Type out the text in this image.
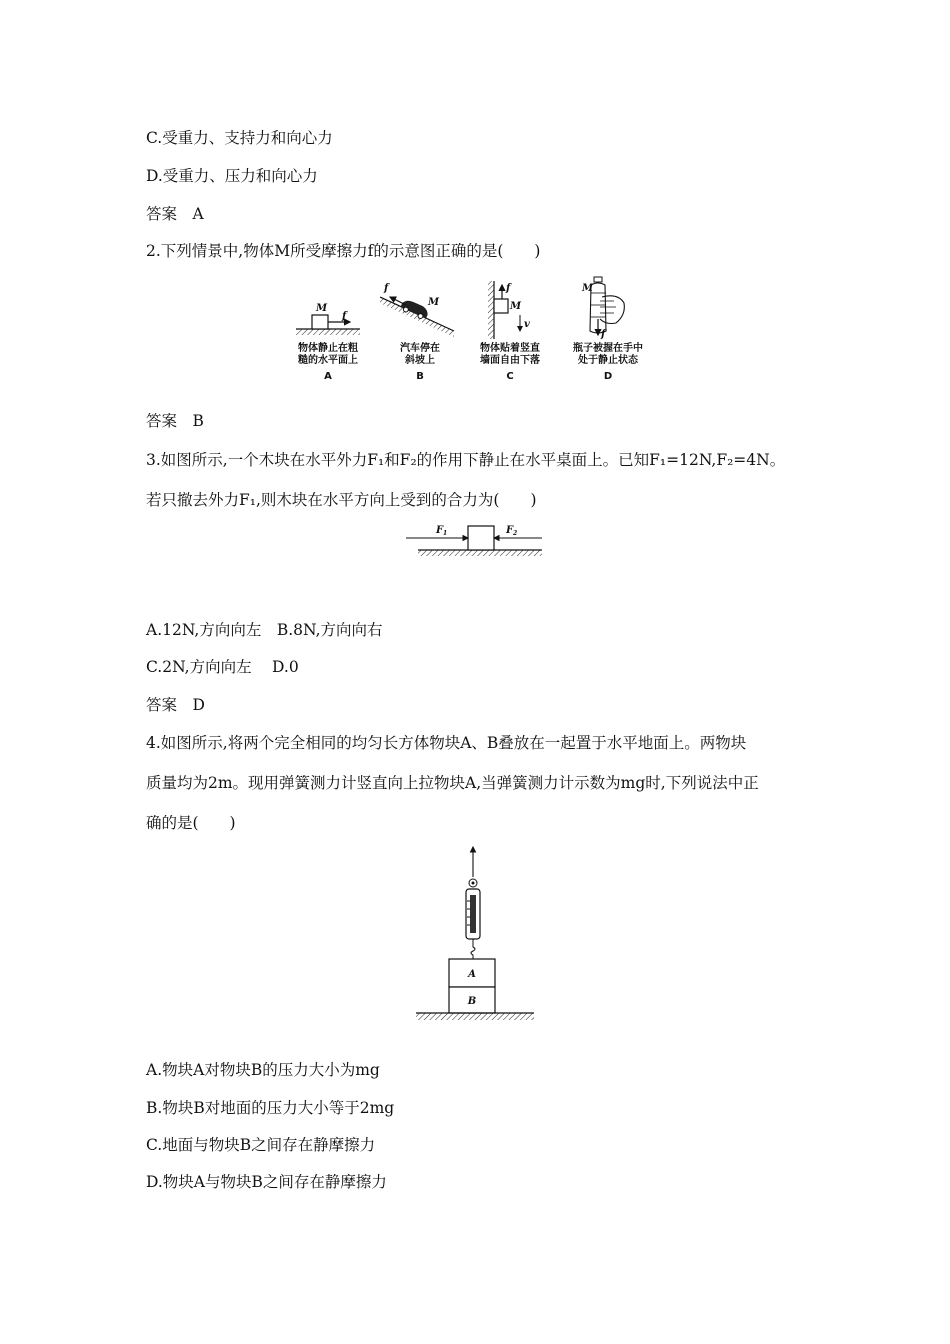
C.受重力、支持力和向心力
D.受重力、压力和向心力
答案　A
2.下列情景中,物体M所受摩擦力f的示意图正确的是(　　)
M
f
物体静止在粗
糙的水平面上
A
f
M
汽车停在
斜坡上
B
f
M
v
物体贴着竖直
墙面自由下落
C
M
f
瓶子被握在手中
处于静止状态
D
答案　B
3.如图所示,一个木块在水平外力F₁和F₂的作用下静止在水平桌面上。已知F₁=12N,F₂=4N。
若只撤去外力F₁,则木块在水平方向上受到的合力为(　　)
F 1	F 2
A.12N,方向向左　B.8N,方向向右
C.2N,方向向左　 D.0
答案　D
4.如图所示,将两个完全相同的均匀长方体物块A、B叠放在一起置于水平地面上。两物块
质量均为2m。现用弹簧测力计竖直向上拉物块A,当弹簧测力计示数为mg时,下列说法中正
确的是(　　)
A
B
A.物块A对物块B的压力大小为mg
B.物块B对地面的压力大小等于2mg
C.地面与物块B之间存在静摩擦力
D.物块A与物块B之间存在静摩擦力
